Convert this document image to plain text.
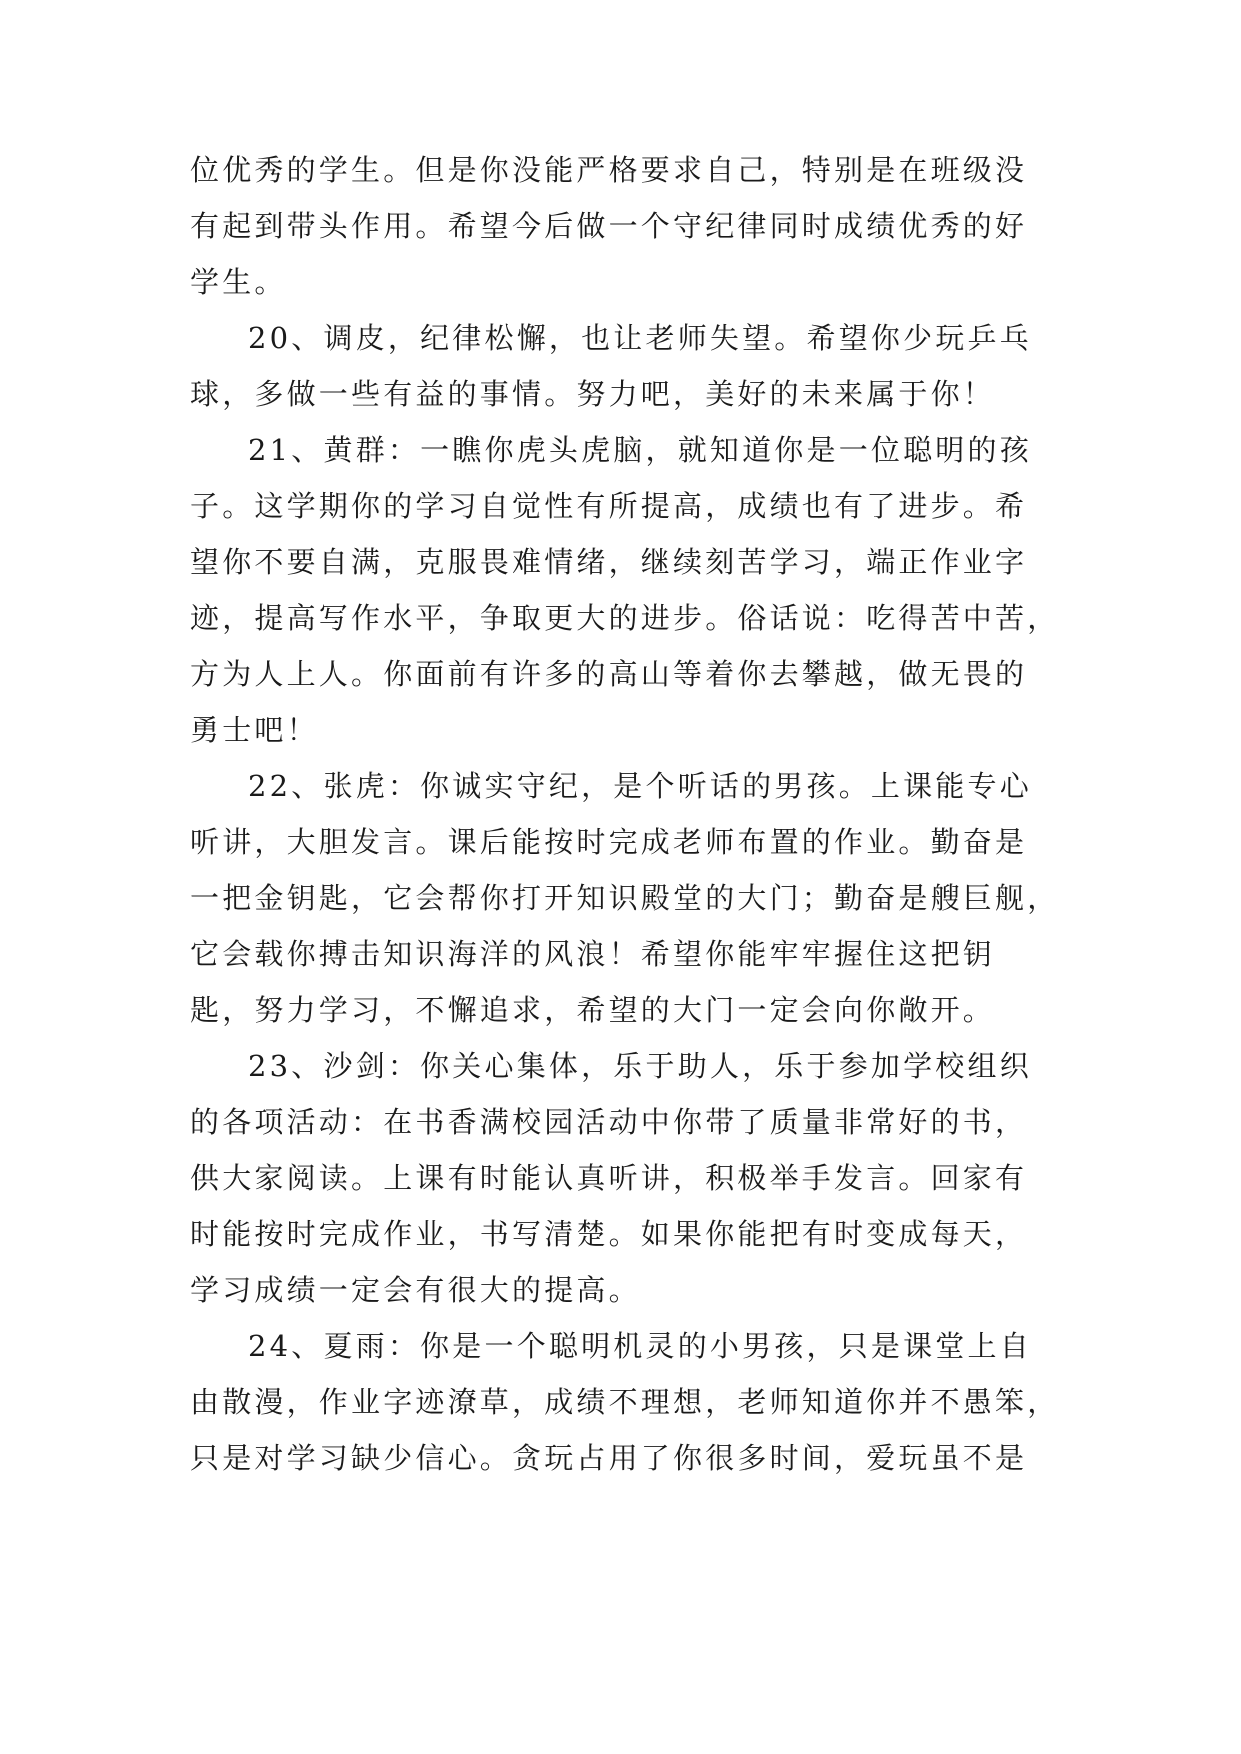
位优秀的学生。但是你没能严格要求自己，特别是在班级没
有起到带头作用。希望今后做一个守纪律同时成绩优秀的好
学生。
20、调皮，纪律松懈，也让老师失望。希望你少玩乒乓
球，多做一些有益的事情。努力吧，美好的未来属于你！
21、黄群：一瞧你虎头虎脑，就知道你是一位聪明的孩
子。这学期你的学习自觉性有所提高，成绩也有了进步。希
望你不要自满，克服畏难情绪，继续刻苦学习，端正作业字
迹，提高写作水平，争取更大的进步。俗话说：吃得苦中苦，
方为人上人。你面前有许多的高山等着你去攀越，做无畏的
勇士吧！
22、张虎：你诚实守纪，是个听话的男孩。上课能专心
听讲，大胆发言。课后能按时完成老师布置的作业。勤奋是
一把金钥匙，它会帮你打开知识殿堂的大门；勤奋是艘巨舰，
它会载你搏击知识海洋的风浪！希望你能牢牢握住这把钥
匙，努力学习，不懈追求，希望的大门一定会向你敞开。
23、沙剑：你关心集体，乐于助人，乐于参加学校组织
的各项活动：在书香满校园活动中你带了质量非常好的书，
供大家阅读。上课有时能认真听讲，积极举手发言。回家有
时能按时完成作业，书写清楚。如果你能把有时变成每天，
学习成绩一定会有很大的提高。
24、夏雨：你是一个聪明机灵的小男孩，只是课堂上自
由散漫，作业字迹潦草，成绩不理想，老师知道你并不愚笨，
只是对学习缺少信心。贪玩占用了你很多时间，爱玩虽不是
